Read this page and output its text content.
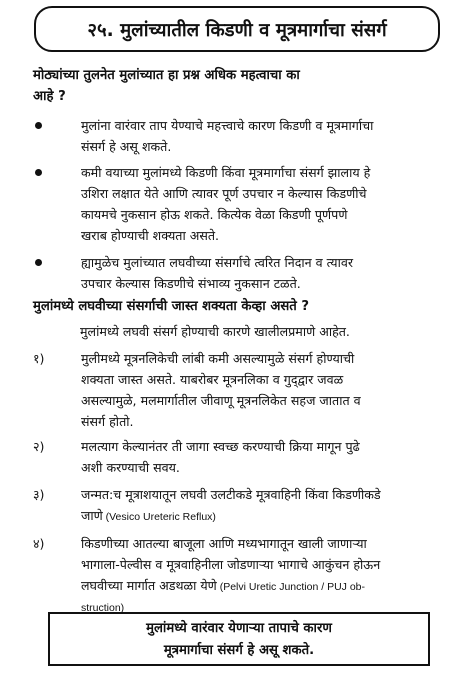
२५. मुलांच्यातील किडणी व मूत्रमार्गाचा संसर्ग
मोठ्यांच्या तुलनेत मुलांच्यात हा प्रश्न अधिक महत्वाचा का
आहे ?
मुलांना वारंवार ताप येण्याचे महत्त्वाचे कारण किडणी व मूत्रमार्गाचा
संसर्ग हे असू शकते.
कमी वयाच्या मुलांमध्ये किडणी किंवा मूत्रमार्गाचा संसर्ग झालाय हे
उशिरा लक्षात येते आणि त्यावर पूर्ण उपचार न केल्यास किडणीचे
कायमचे नुकसान होऊ शकते. कित्येक वेळा किडणी पूर्णपणे
खराब होण्याची शक्यता असते.
ह्यामुळेच मुलांच्यात लघवीच्या संसर्गाचे त्वरित निदान व त्यावर
उपचार केल्यास किडणीचे संभाव्य नुकसान टळते.
मुलांमध्ये लघवीच्या संसर्गाची जास्त शक्यता केव्हा असते ?
मुलांमध्ये लघवी संसर्ग होण्याची कारणे खालीलप्रमाणे आहेत.
१)	मुलीमध्ये मूत्रनलिकेची लांबी कमी असल्यामुळे संसर्ग होण्याची
शक्यता जास्त असते. याबरोबर मूत्रनलिका व गुद्‌द्वार जवळ
असल्यामुळे, मलमार्गातील जीवाणू मूत्रनलिकेत सहज जातात व
संसर्ग होतो.
२)	मलत्याग केल्यानंतर ती जागा स्वच्छ करण्याची क्रिया मागून पुढे
अशी करण्याची सवय.
३)	जन्मत:च मूत्राशयातून लघवी उलटीकडे मूत्रवाहिनी किंवा किडणीकडे
जाणे (Vesico Ureteric Reflux)
४)	किडणीच्या आतल्या बाजूला आणि मध्यभागातून खाली जाणाऱ्या
भागाला-पेल्वीस व मूत्रवाहिनीला जोडणाऱ्या भागाचे आकुंचन होऊन
लघवीच्या मार्गात अडथळा येणे (Pelvi Uretic Junction / PUJ ob-
struction)
मुलांमध्ये वारंवार येणाऱ्या तापाचे कारण
मूत्रमार्गाचा संसर्ग हे असू शकते.
